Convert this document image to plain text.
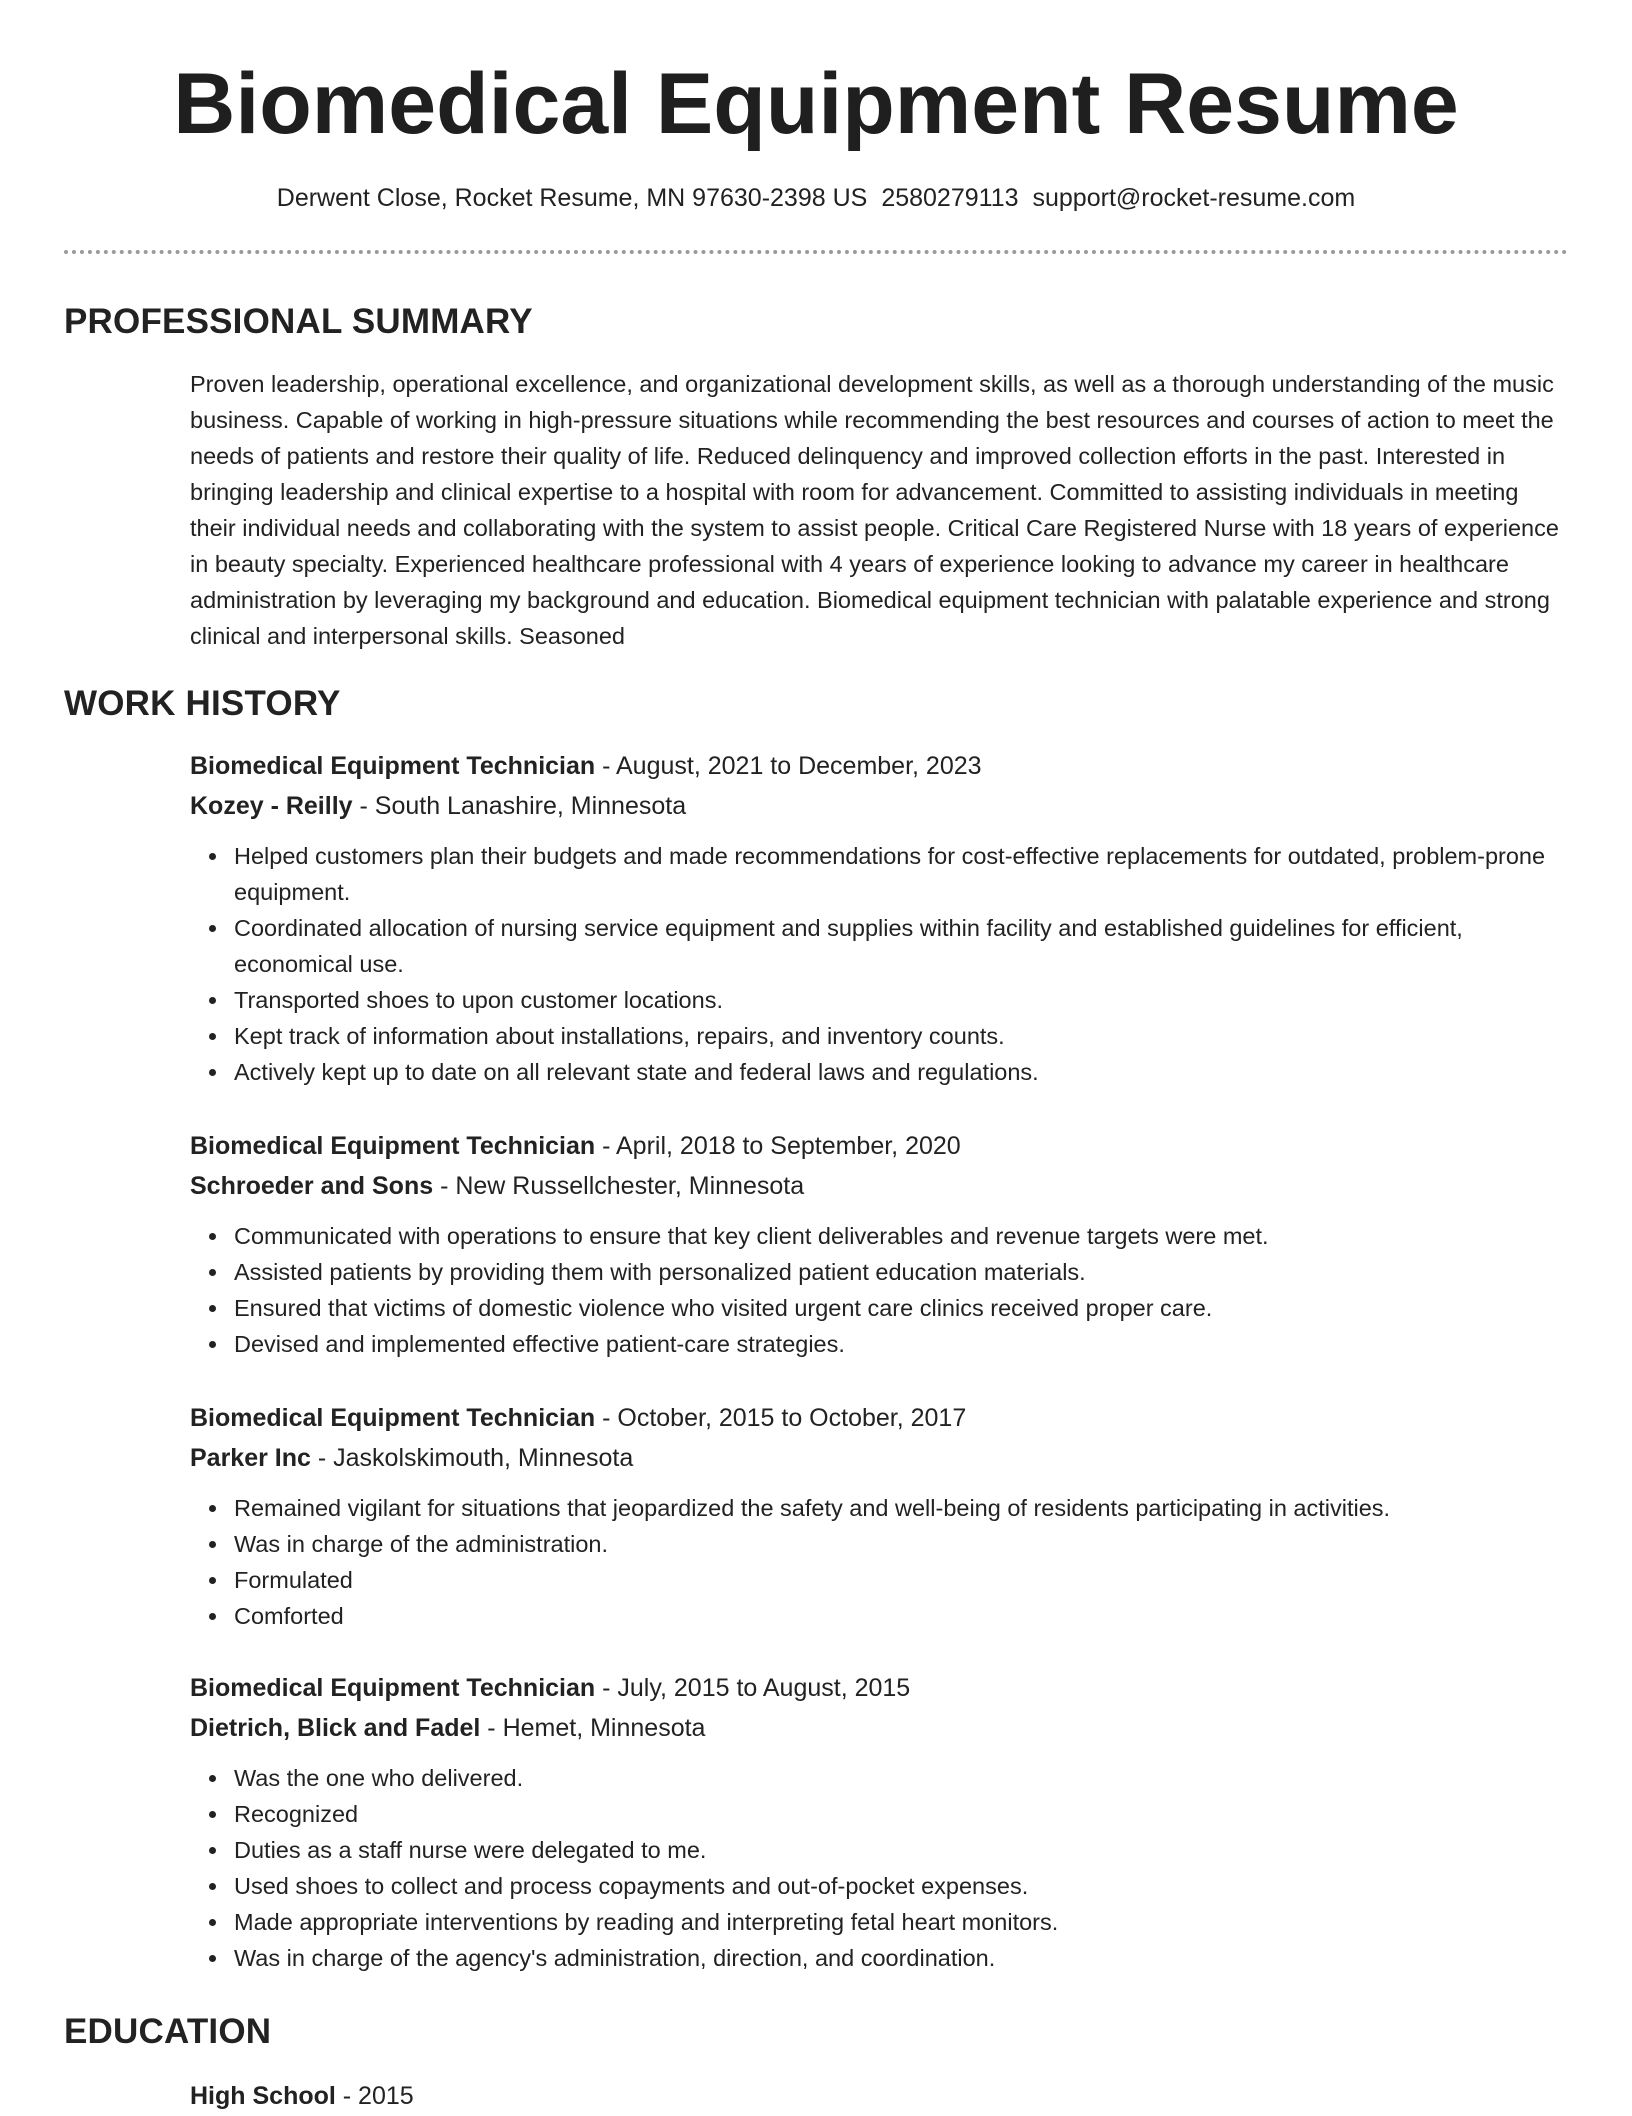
Biomedical Equipment Resume
Derwent Close, Rocket Resume, MN 97630-2398 US 2580279113 support@rocket-resume.com
PROFESSIONAL SUMMARY

Proven leadership, operational excellence, and organizational development skills, as well as a thorough understanding of the music business. Capable of working in high-pressure situations while recommending the best resources and courses of action to meet the needs of patients and restore their quality of life. Reduced delinquency and improved collection efforts in the past. Interested in bringing leadership and clinical expertise to a hospital with room for advancement. Committed to assisting individuals in meeting their individual needs and collaborating with the system to assist people. Critical Care Registered Nurse with 18 years of experience in beauty specialty. Experienced healthcare professional with 4 years of experience looking to advance my career in healthcare administration by leveraging my background and education. Biomedical equipment technician with palatable experience and strong clinical and interpersonal skills. Seasoned

WORK HISTORY

Biomedical Equipment Technician - August, 2021 to December, 2023

Kozey - Reilly - South Lanashire, Minnesota

Helped customers plan their budgets and made recommendations for cost-effective replacements for outdated, problem-prone equipment.
Coordinated allocation of nursing service equipment and supplies within facility and established guidelines for efficient, economical use.
Transported shoes to upon customer locations.
Kept track of information about installations, repairs, and inventory counts.
Actively kept up to date on all relevant state and federal laws and regulations.

Biomedical Equipment Technician - April, 2018 to September, 2020

Schroeder and Sons - New Russellchester, Minnesota

Communicated with operations to ensure that key client deliverables and revenue targets were met.
Assisted patients by providing them with personalized patient education materials.
Ensured that victims of domestic violence who visited urgent care clinics received proper care.
Devised and implemented effective patient-care strategies.

Biomedical Equipment Technician - October, 2015 to October, 2017

Parker Inc - Jaskolskimouth, Minnesota

Remained vigilant for situations that jeopardized the safety and well-being of residents participating in activities.
Was in charge of the administration.
Formulated
Comforted

Biomedical Equipment Technician - July, 2015 to August, 2015

Dietrich, Blick and Fadel - Hemet, Minnesota

Was the one who delivered.
Recognized
Duties as a staff nurse were delegated to me.
Used shoes to collect and process copayments and out-of-pocket expenses.
Made appropriate interventions by reading and interpreting fetal heart monitors.
Was in charge of the agency's administration, direction, and coordination.
EDUCATION
High School - 2015
